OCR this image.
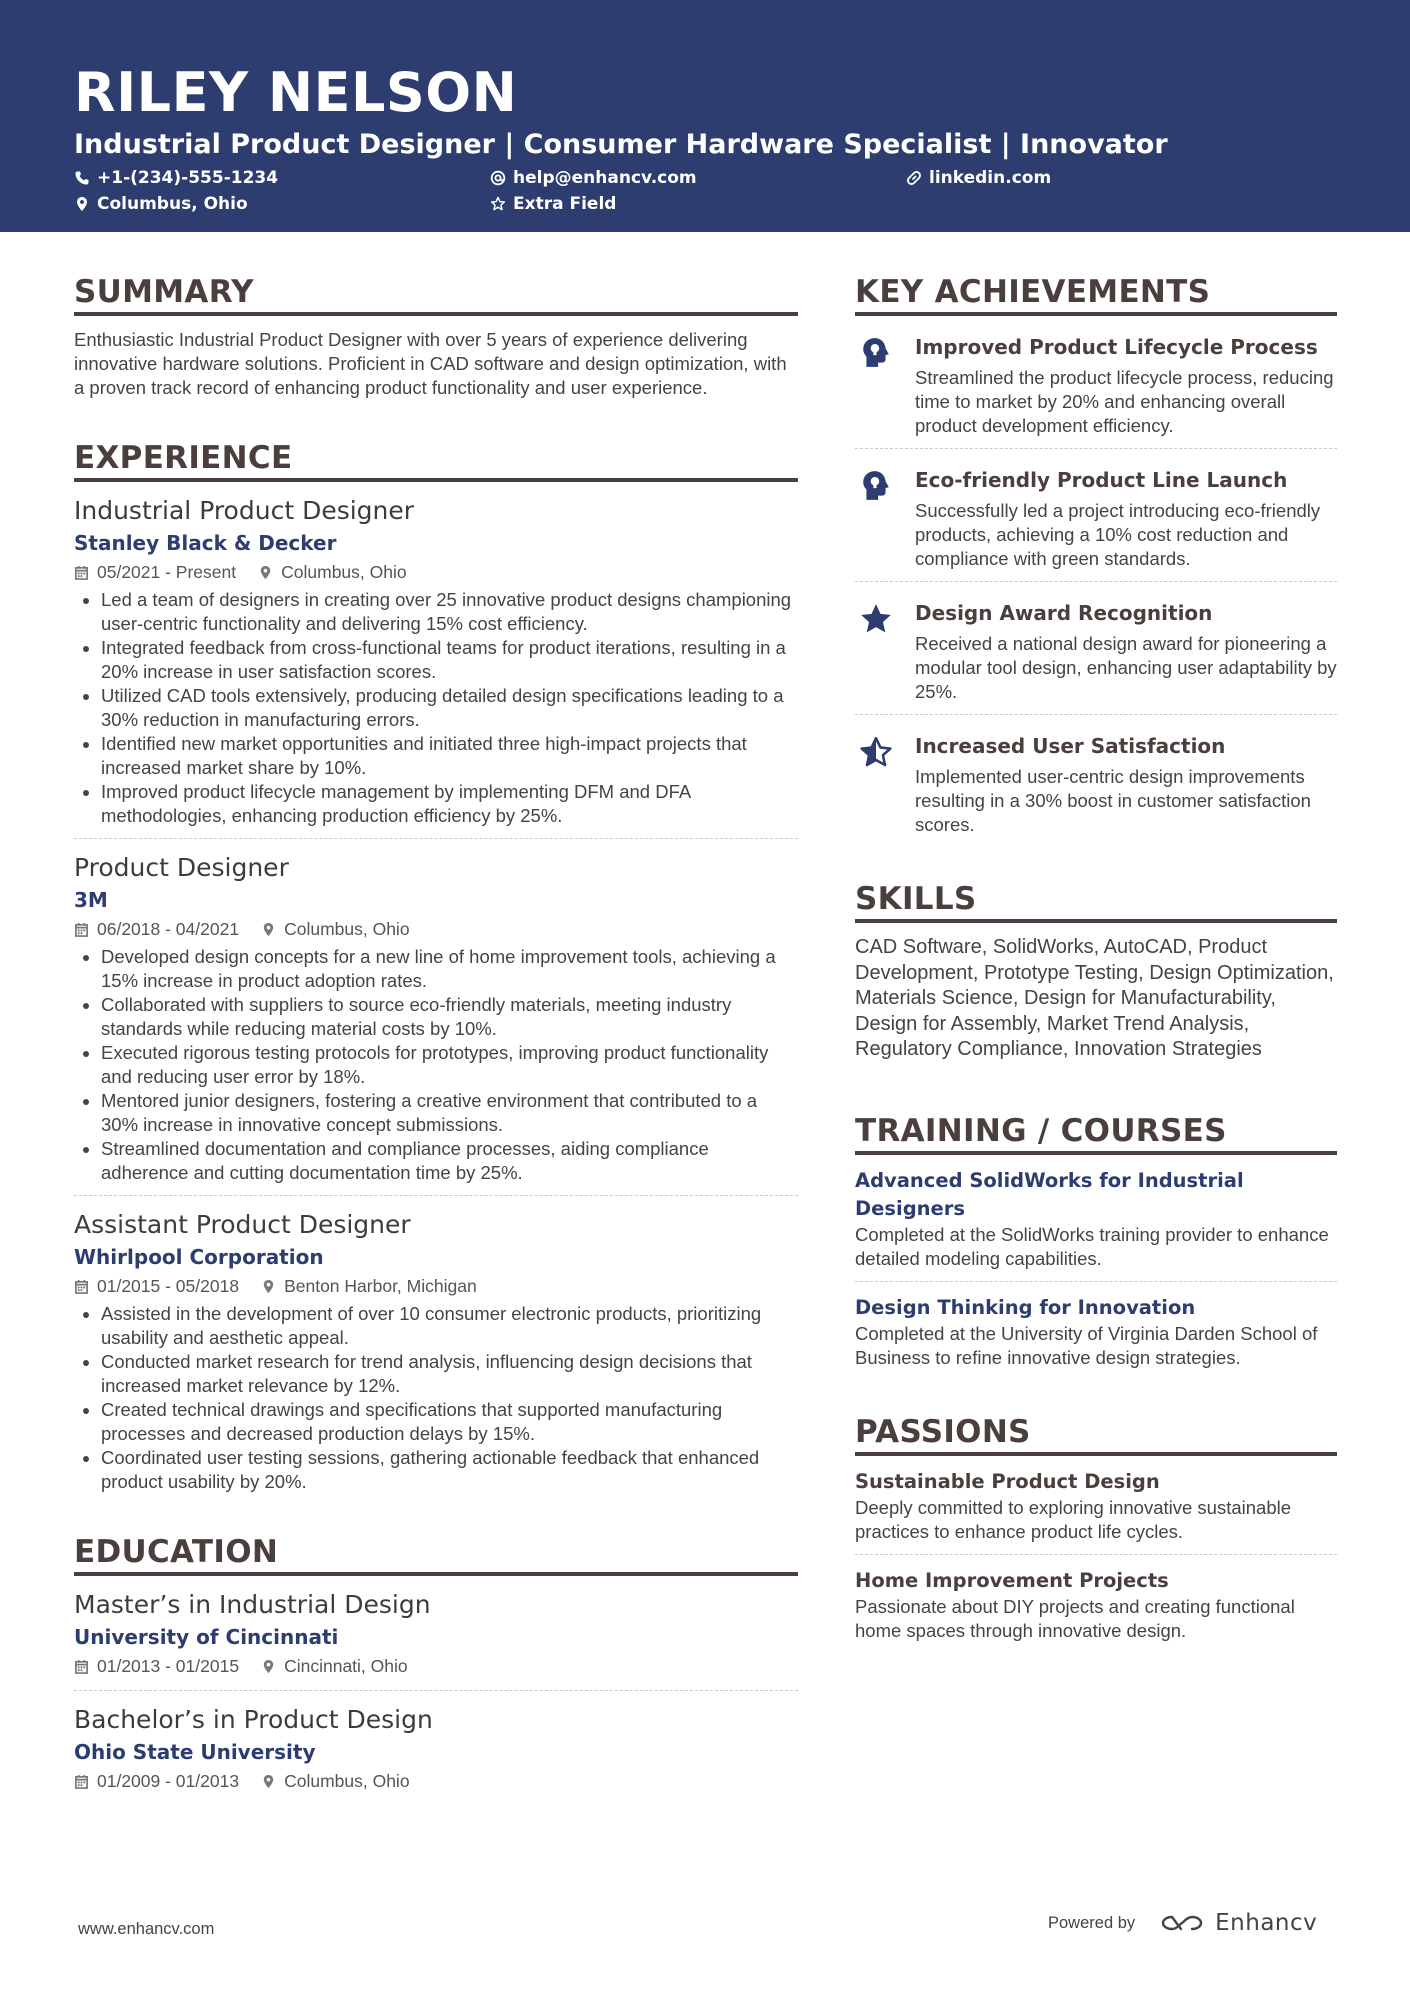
RILEY NELSON
Industrial Product Designer | Consumer Hardware Specialist | Innovator
+1-(234)-555-1234	help@enhancv.com	linkedin.com
Columbus, Ohio	Extra Field
SUMMARY
Enthusiastic Industrial Product Designer with over 5 years of experience delivering innovative hardware solutions. Proficient in CAD software and design optimization, with a proven track record of enhancing product functionality and user experience.
EXPERIENCE
Industrial Product Designer
Stanley Black & Decker
05/2021 - Present	Columbus, Ohio
Led a team of designers in creating over 25 innovative product designs championing user-centric functionality and delivering 15% cost efficiency.
Integrated feedback from cross-functional teams for product iterations, resulting in a 20% increase in user satisfaction scores.
Utilized CAD tools extensively, producing detailed design specifications leading to a 30% reduction in manufacturing errors.
Identified new market opportunities and initiated three high-impact projects that increased market share by 10%.
Improved product lifecycle management by implementing DFM and DFA methodologies, enhancing production efficiency by 25%.
Product Designer
3M
06/2018 - 04/2021	Columbus, Ohio
Developed design concepts for a new line of home improvement tools, achieving a 15% increase in product adoption rates.
Collaborated with suppliers to source eco-friendly materials, meeting industry standards while reducing material costs by 10%.
Executed rigorous testing protocols for prototypes, improving product functionality and reducing user error by 18%.
Mentored junior designers, fostering a creative environment that contributed to a 30% increase in innovative concept submissions.
Streamlined documentation and compliance processes, aiding compliance adherence and cutting documentation time by 25%.
Assistant Product Designer
Whirlpool Corporation
01/2015 - 05/2018	Benton Harbor, Michigan
Assisted in the development of over 10 consumer electronic products, prioritizing usability and aesthetic appeal.
Conducted market research for trend analysis, influencing design decisions that increased market relevance by 12%.
Created technical drawings and specifications that supported manufacturing processes and decreased production delays by 15%.
Coordinated user testing sessions, gathering actionable feedback that enhanced product usability by 20%.
EDUCATION
Master’s in Industrial Design
University of Cincinnati
01/2013 - 01/2015	Cincinnati, Ohio
Bachelor’s in Product Design
Ohio State University
01/2009 - 01/2013	Columbus, Ohio
KEY ACHIEVEMENTS
Improved Product Lifecycle Process
Streamlined the product lifecycle process, reducing time to market by 20% and enhancing overall product development efficiency.
Eco-friendly Product Line Launch
Successfully led a project introducing eco-friendly products, achieving a 10% cost reduction and compliance with green standards.
Design Award Recognition
Received a national design award for pioneering a modular tool design, enhancing user adaptability by 25%.
Increased User Satisfaction
Implemented user-centric design improvements resulting in a 30% boost in customer satisfaction scores.
SKILLS
CAD Software, SolidWorks, AutoCAD, Product Development, Prototype Testing, Design Optimization, Materials Science, Design for Manufacturability, Design for Assembly, Market Trend Analysis, Regulatory Compliance, Innovation Strategies
TRAINING / COURSES
Advanced SolidWorks for Industrial Designers
Completed at the SolidWorks training provider to enhance detailed modeling capabilities.
Design Thinking for Innovation
Completed at the University of Virginia Darden School of Business to refine innovative design strategies.
PASSIONS
Sustainable Product Design
Deeply committed to exploring innovative sustainable practices to enhance product life cycles.
Home Improvement Projects
Passionate about DIY projects and creating functional home spaces through innovative design.
www.enhancv.com	Powered by	Enhancv
